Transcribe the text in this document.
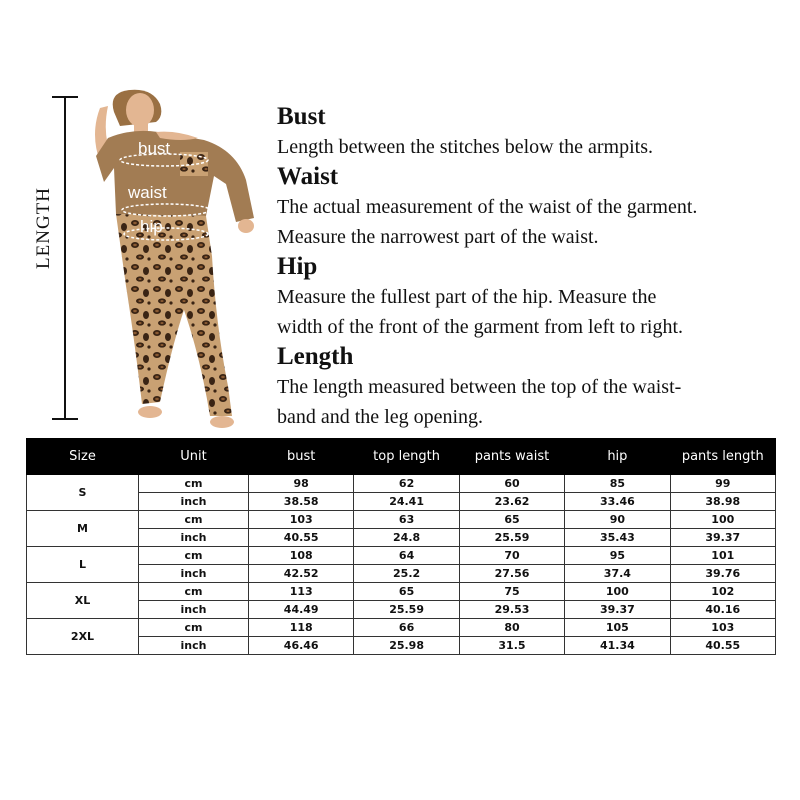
LENGTH
bust
waist
hip

Bust

Length between the stitches below the armpits.

Waist

The actual measurement of the waist of the garment.

Measure the narrowest part of the waist.

Hip

Measure the fullest part of the hip. Measure the

width of the front of the garment from left to right.

Length

The length measured between the top of the waist-

band and the leg opening.

Size	Unit	bust	top length	pants waist	hip	pants length
S	cm	98	62	60	85	99
	inch	38.58	24.41	23.62	33.46	38.98
M	cm	103	63	65	90	100
	inch	40.55	24.8	25.59	35.43	39.37
L	cm	108	64	70	95	101
	inch	42.52	25.2	27.56	37.4	39.76
XL	cm	113	65	75	100	102
	inch	44.49	25.59	29.53	39.37	40.16
2XL	cm	118	66	80	105	103
	inch	46.46	25.98	31.5	41.34	40.55
